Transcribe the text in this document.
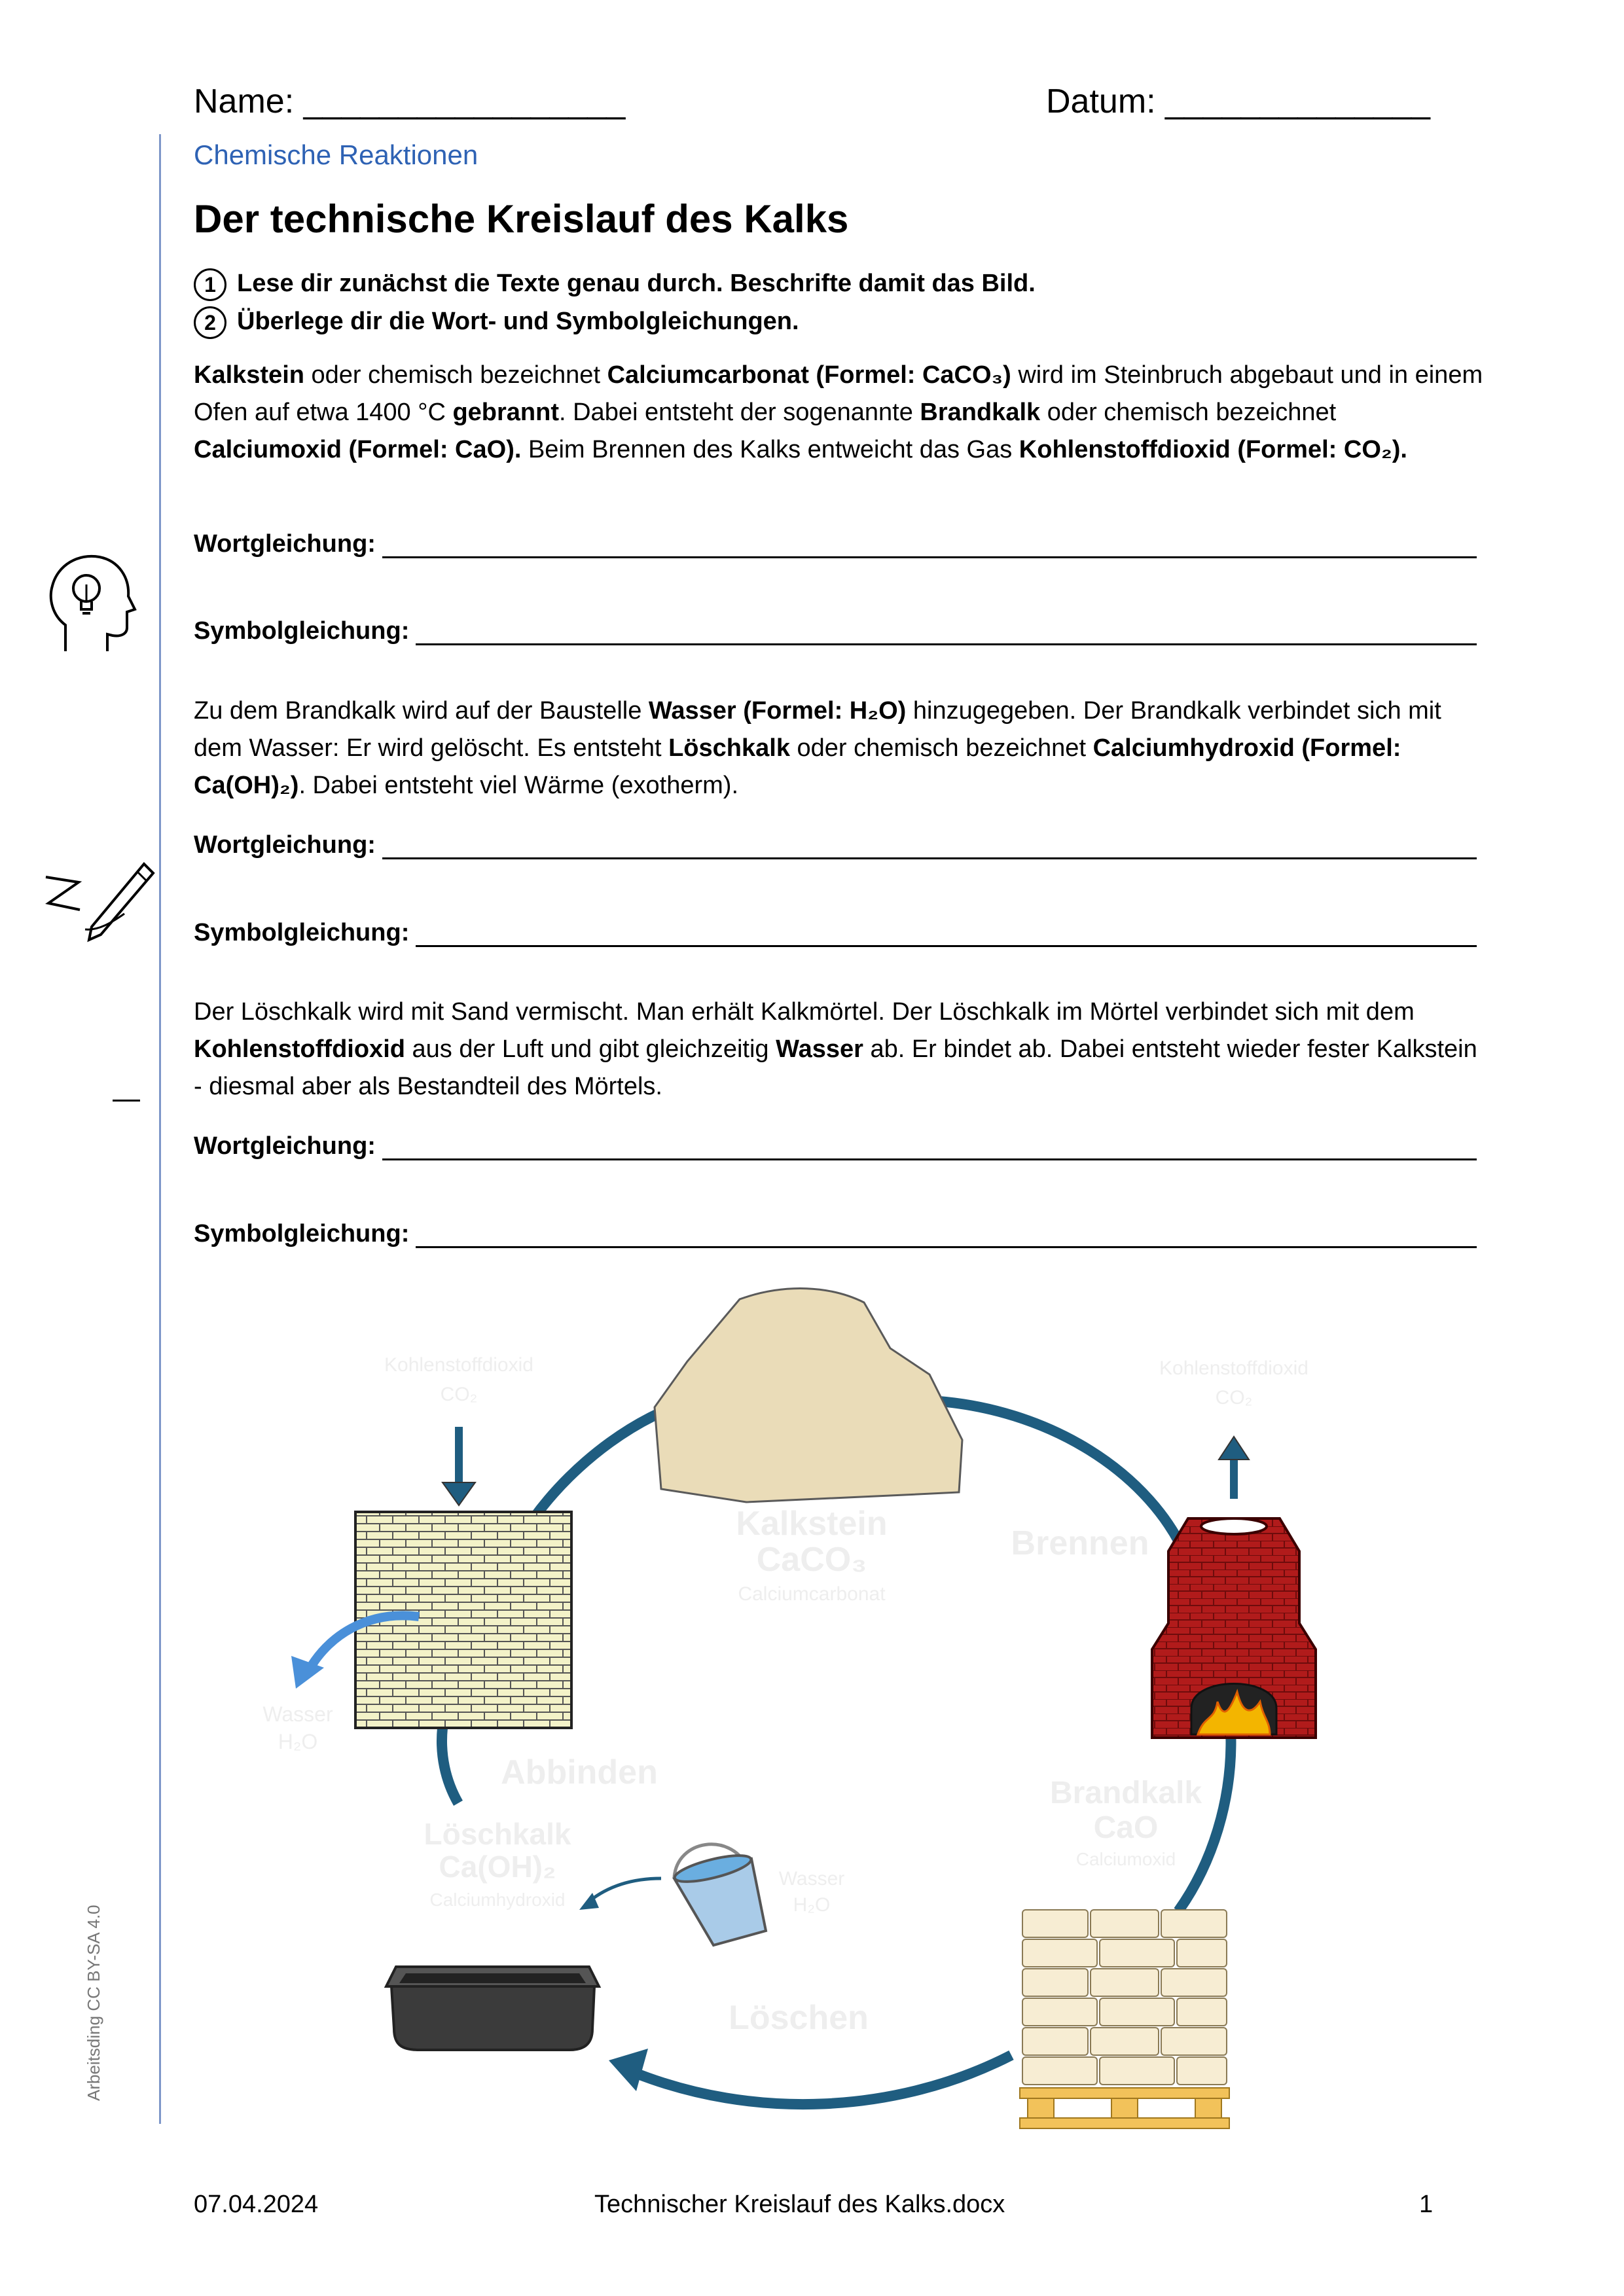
Name: _________________	Datum: ______________
Arbeitsding CC BY-SA 4.0
Chemische Reaktionen
Der technische Kreislauf des Kalks
1 Lese dir zunächst die Texte genau durch. Beschrifte damit das Bild.
2 Überlege dir die Wort- und Symbolgleichungen.
Kalkstein oder chemisch bezeichnet Calciumcarbonat (Formel: CaCO₃) wird im Steinbruch abgebaut und in einem Ofen auf etwa 1400 °C gebrannt. Dabei entsteht der sogenannte Brandkalk oder chemisch bezeichnet Calciumoxid (Formel: CaO). Beim Brennen des Kalks entweicht das Gas Kohlenstoffdioxid (Formel: CO₂).
Zu dem Brandkalk wird auf der Baustelle Wasser (Formel: H₂O) hinzugegeben. Der Brandkalk verbindet sich mit dem Wasser: Er wird gelöscht. Es entsteht Löschkalk oder chemisch bezeichnet Calciumhydroxid (Formel: Ca(OH)₂). Dabei entsteht viel Wärme (exotherm).
Der Löschkalk wird mit Sand vermischt. Man erhält Kalkmörtel. Der Löschkalk im Mörtel verbindet sich mit dem Kohlenstoffdioxid aus der Luft und gibt gleichzeitig Wasser ab. Er bindet ab. Dabei entsteht wieder fester Kalkstein - diesmal aber als Bestandteil des Mörtels.
Wortgleichung:
Symbolgleichung:
Wortgleichung:
Symbolgleichung:
Wortgleichung:
Symbolgleichung:
Kalkstein
CaCO₃
Calciumcarbonat
Kohlenstoffdioxid
CO₂
Wasser
H₂O
Abbinden
Kohlenstoffdioxid
CO₂
Brennen
Brandkalk
CaO
Calciumoxid
Löschen
Wasser
H₂O
Löschkalk
Ca(OH)₂
Calciumhydroxid
07.04.2024	Technischer Kreislauf des Kalks.docx	1
